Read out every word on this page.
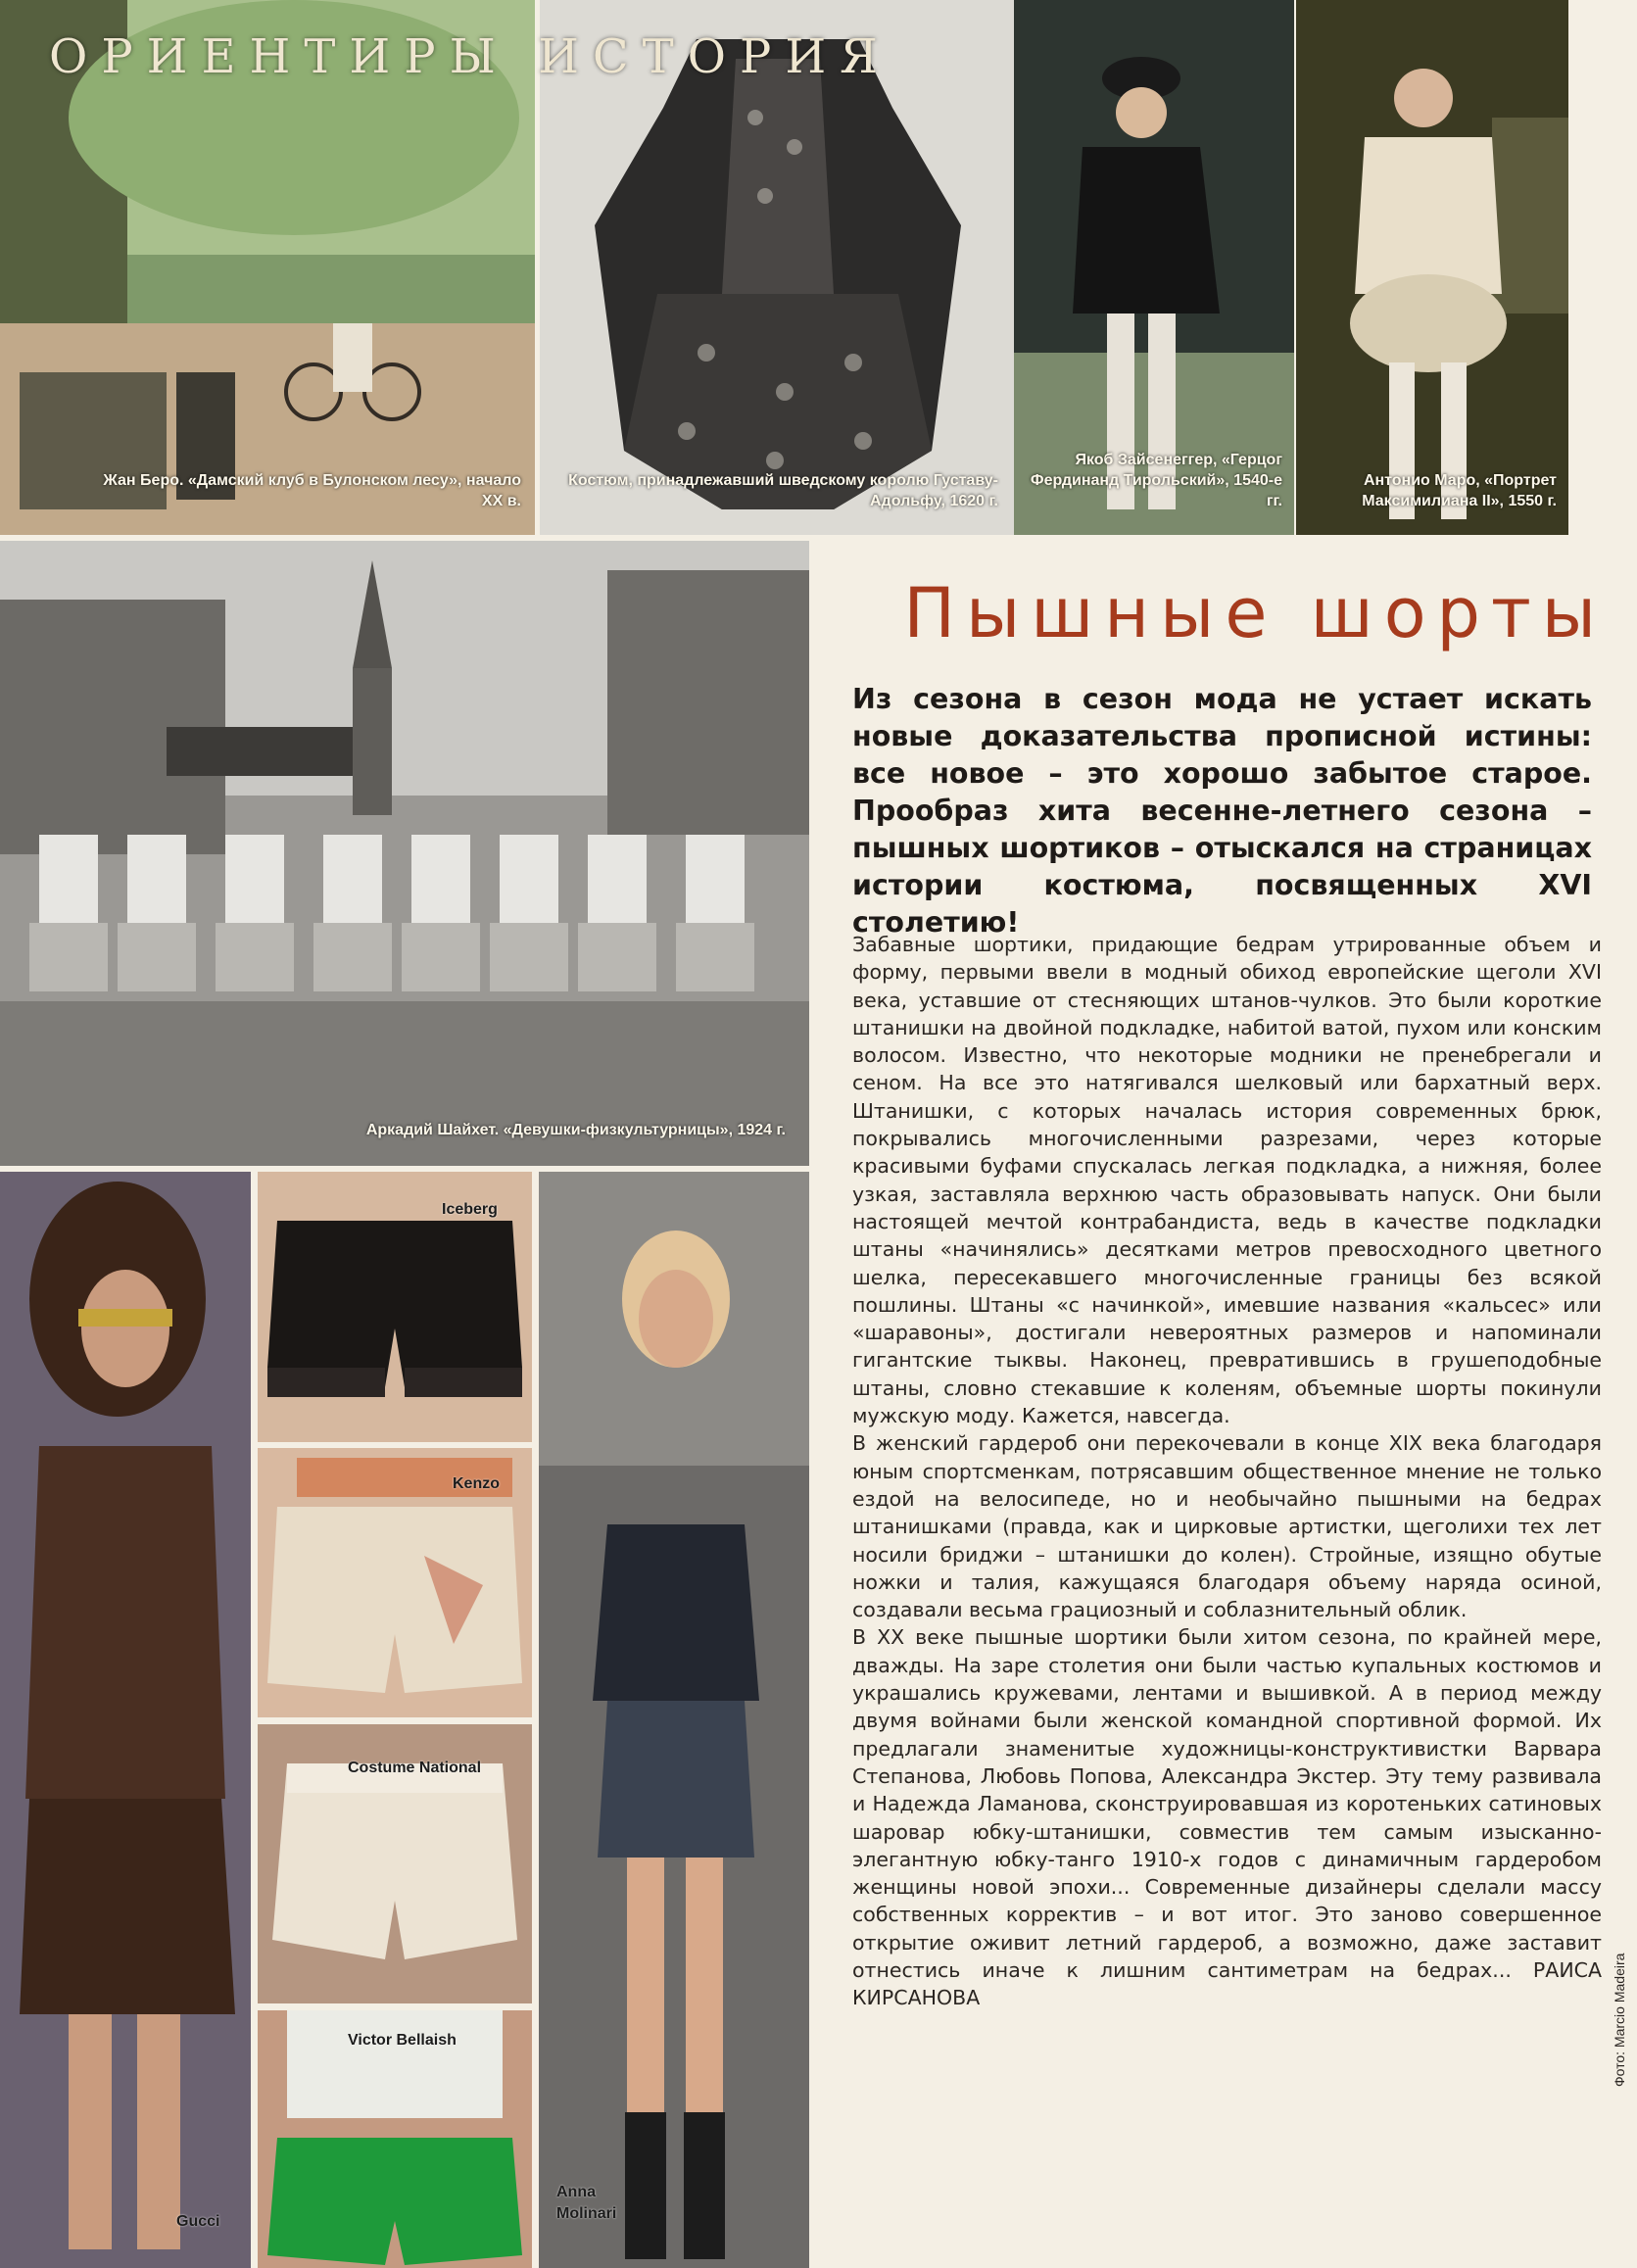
Жан Беро. «Дамский клуб в Булонском лесу», начало XX в.
Костюм, принадлежавший шведскому королю Густаву-Адольфу, 1620 г.
Якоб Зайсенеггер, «Герцог Фердинанд Тирольский», 1540-е гг.
Антонио Маро, «Портрет Максимилиана II», 1550 г.
ОРИЕНТИРЫ ИСТОРИЯ
Аркадий Шайхет. «Девушки-физкультурницы», 1924 г.
Пышные шорты
Из сезона в сезон мода не устает искать новые доказательства прописной истины: все новое – это хорошо забытое старое. Прообраз хита весенне-летнего сезона – пышных шортиков – отыскался на страницах истории костюма, посвященных XVI столетию!

Забавные шортики, придающие бедрам утрированные объем и форму, первыми ввели в модный обиход европейские щеголи XVI века, уставшие от стесняющих штанов-чулков. Это были короткие штанишки на двойной подкладке, набитой ватой, пухом или конским волосом. Известно, что некоторые модники не пренебрегали и сеном. На все это натягивался шелковый или бархатный верх. Штанишки, с которых началась история современных брюк, покрывались многочисленными разрезами, через которые красивыми буфами спускалась легкая подкладка, а нижняя, более узкая, заставляла верхнюю часть образовывать напуск. Они были настоящей мечтой контрабандиста, ведь в качестве подкладки штаны «начинялись» десятками метров превосходного цветного шелка, пересекавшего многочисленные границы без всякой пошлины. Штаны «с начинкой», имевшие названия «кальсес» или «шаравоны», достигали невероятных размеров и напоминали гигантские тыквы. Наконец, превратившись в грушеподобные штаны, словно стекавшие к коленям, объемные шорты покинули мужскую моду. Кажется, навсегда.

В женский гардероб они перекочевали в конце XIX века благодаря юным спортсменкам, потрясавшим общественное мнение не только ездой на велосипеде, но и необычайно пышными на бедрах штанишками (правда, как и цирковые артистки, щеголихи тех лет носили бриджи – штанишки до колен). Стройные, изящно обутые ножки и талия, кажущаяся благодаря объему наряда осиной, создавали весьма грациозный и соблазнительный облик.

В XX веке пышные шортики были хитом сезона, по крайней мере, дважды. На заре столетия они были частью купальных костюмов и украшались кружевами, лентами и вышивкой. А в период между двумя войнами были женской командной спортивной формой. Их предлагали знаменитые художницы-конструктивистки Варвара Степанова, Любовь Попова, Александра Экстер. Эту тему развивала и Надежда Ламанова, сконструировавшая из коротеньких сатиновых шаровар юбку-штанишки, совместив тем самым изысканно-элегантную юбку-танго 1910-х годов с динамичным гардеробом женщины новой эпохи... Современные дизайнеры сделали массу собственных корректив – и вот итог. Это заново совершенное открытие оживит летний гардероб, а возможно, даже заставит отнестись иначе к лишним сантиметрам на бедрах... РАИСА КИРСАНОВА	Фото: Marcio Madeira
Gucci
Iceberg
Kenzo
Costume National
Victor Bellaish
Anna Molinari
